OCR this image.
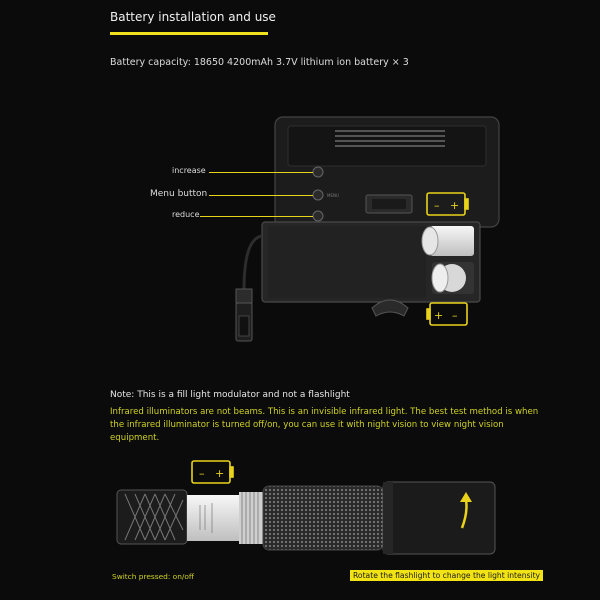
Battery installation and use
Battery capacity: 18650 4200mAh 3.7V lithium ion battery × 3
MENU
– +
+ –
– +
increase
Menu button
reduce
Note: This is a fill light modulator and not a flashlight
Infrared illuminators are not beams. This is an invisible infrared light. The best test method is when the infrared illuminator is turned off/on, you can use it with night vision to view night vision equipment.
Switch pressed: on/off	Rotate the flashlight to change the light intensity
